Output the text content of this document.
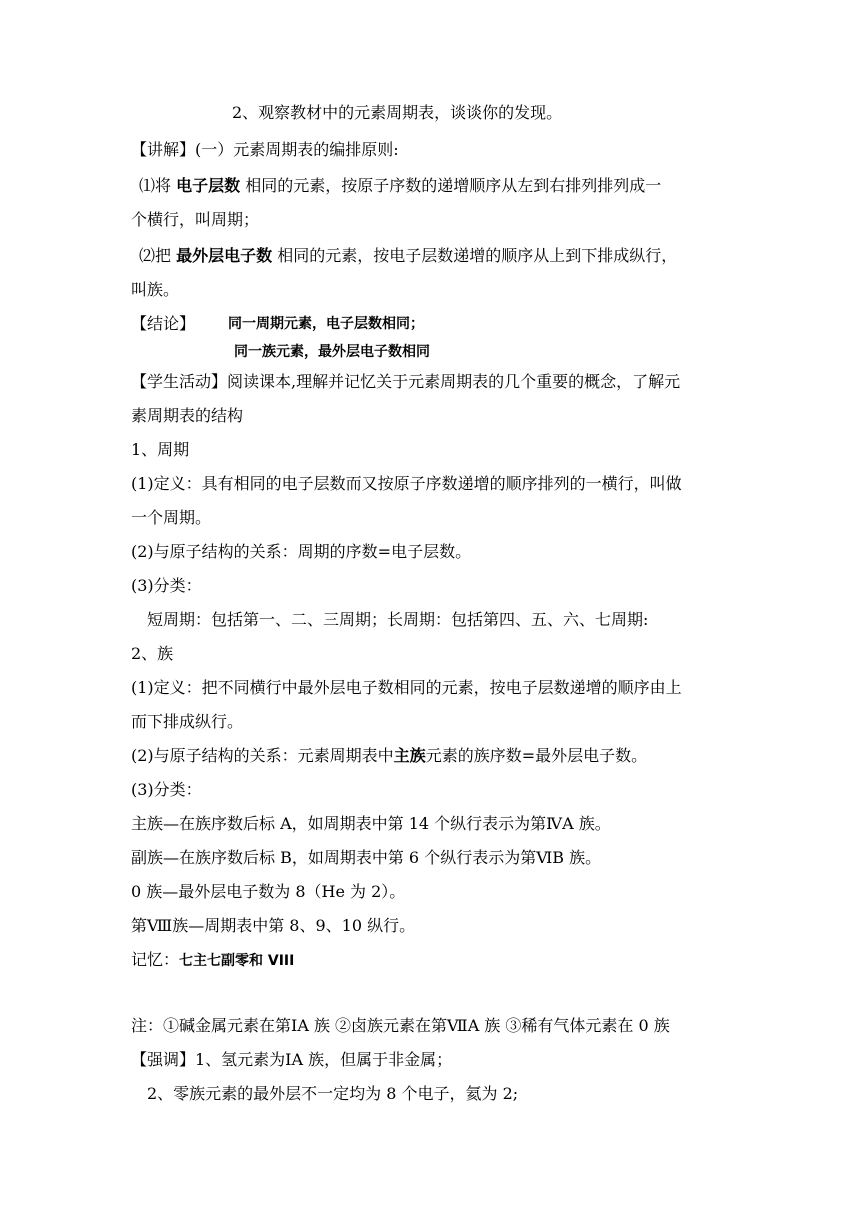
2、观察教材中的元素周期表，谈谈你的发现。
【讲解】(一）元素周期表的编排原则:
⑴将 电子层数 相同的元素，按原子序数的递增顺序从左到右排列排列成一
个横行，叫周期；
⑵把 最外层电子数 相同的元素，按电子层数递增的顺序从上到下排成纵行，
叫族。
【结论】	同一周期元素，电子层数相同；
同一族元素，最外层电子数相同
【学生活动】阅读课本,理解并记忆关于元素周期表的几个重要的概念，了解元
素周期表的结构
1、周期
(1)定义：具有相同的电子层数而又按原子序数递增的顺序排列的一横行，叫做
一个周期。
(2)与原子结构的关系：周期的序数=电子层数。
(3)分类：
短周期：包括第一、二、三周期；长周期：包括第四、五、六、七周期:
2、族
(1)定义：把不同横行中最外层电子数相同的元素，按电子层数递增的顺序由上
而下排成纵行。
(2)与原子结构的关系：元素周期表中主族元素的族序数=最外层电子数。
(3)分类：
主族—在族序数后标 A，如周期表中第 14 个纵行表示为第ⅣA 族。
副族—在族序数后标 B，如周期表中第 6 个纵行表示为第ⅥB 族。
0 族—最外层电子数为 8（He 为 2）。
第Ⅷ族—周期表中第 8、9、10 纵行。
记忆：七主七副零和 VIII
注：①碱金属元素在第ⅠA 族 ②卤族元素在第ⅦA 族 ③稀有气体元素在 0 族
【强调】1、氢元素为ⅠA 族，但属于非金属；
2、零族元素的最外层不一定均为 8 个电子，氦为 2;
